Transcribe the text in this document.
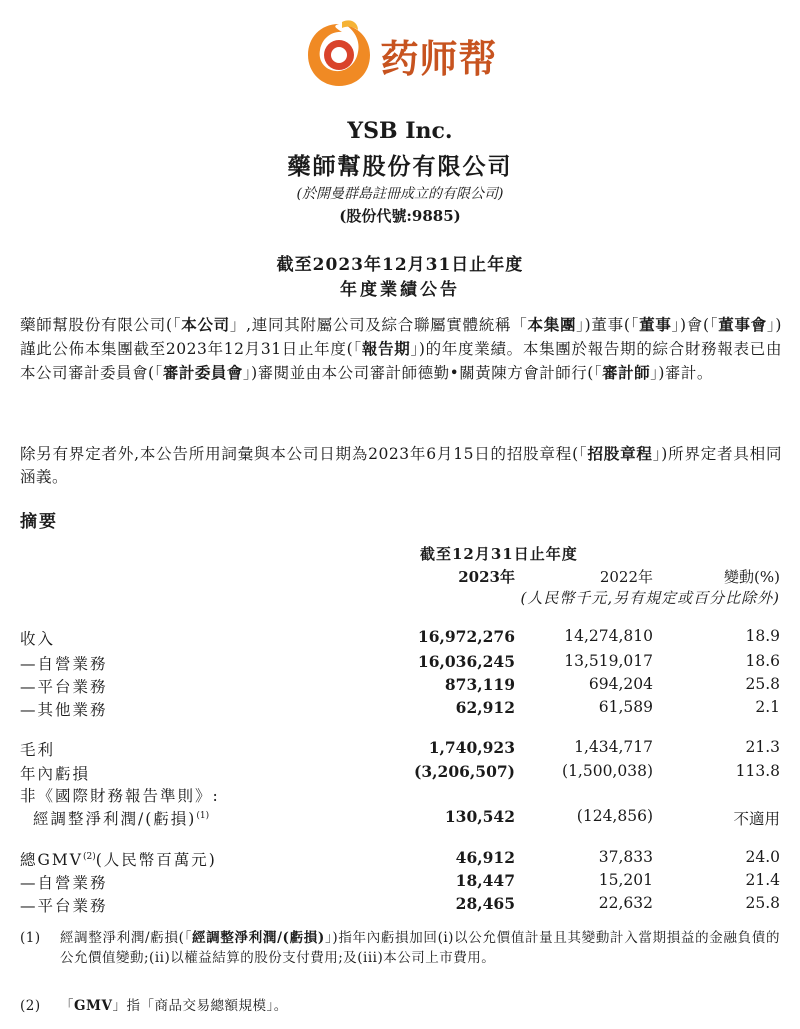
药师帮
YSB Inc.
藥師幫股份有限公司
(於開曼群島註冊成立的有限公司)
(股份代號:9885)
截至2023年12月31日止年度
年度業績公告
藥師幫股份有限公司(「本公司」,連同其附屬公司及綜合聯屬實體統稱「本集團」)董事(「董事」)會(「董事會」)謹此公佈本集團截至2023年12月31日止年度(「報告期」)的年度業績。本集團於報告期的綜合財務報表已由本公司審計委員會(「審計委員會」)審閱並由本公司審計師德勤•關黃陳方會計師行(「審計師」)審計。
除另有界定者外,本公告所用詞彙與本公司日期為2023年6月15日的招股章程(「招股章程」)所界定者具相同涵義。
摘要
截至12月31日止年度
2023年	2022年	變動(%)
(人民幣千元,另有規定或百分比除外)
收入	16,972,276	14,274,810	18.9
—自營業務	16,036,245	13,519,017	18.6
—平台業務	873,119	694,204	25.8
—其他業務	62,912	61,589	2.1
毛利	1,740,923	1,434,717	21.3
年內虧損	(3,206,507)	(1,500,038)	113.8
非《國際財務報告準則》:
經調整淨利潤/(虧損)$^{(1)}$	130,542	(124,856)	不適用
總GMV$^{(2)}$(人民幣百萬元)	46,912	37,833	24.0
—自營業務	18,447	15,201	21.4
—平台業務	28,465	22,632	25.8
(1) 經調整淨利潤/虧損(「經調整淨利潤/(虧損)」)指年內虧損加回(i)以公允價值計量且其變動計入當期損益的金融負債的公允價值變動;(ii)以權益結算的股份支付費用;及(iii)本公司上市費用。
(2) 「GMV」指「商品交易總額規模」。
